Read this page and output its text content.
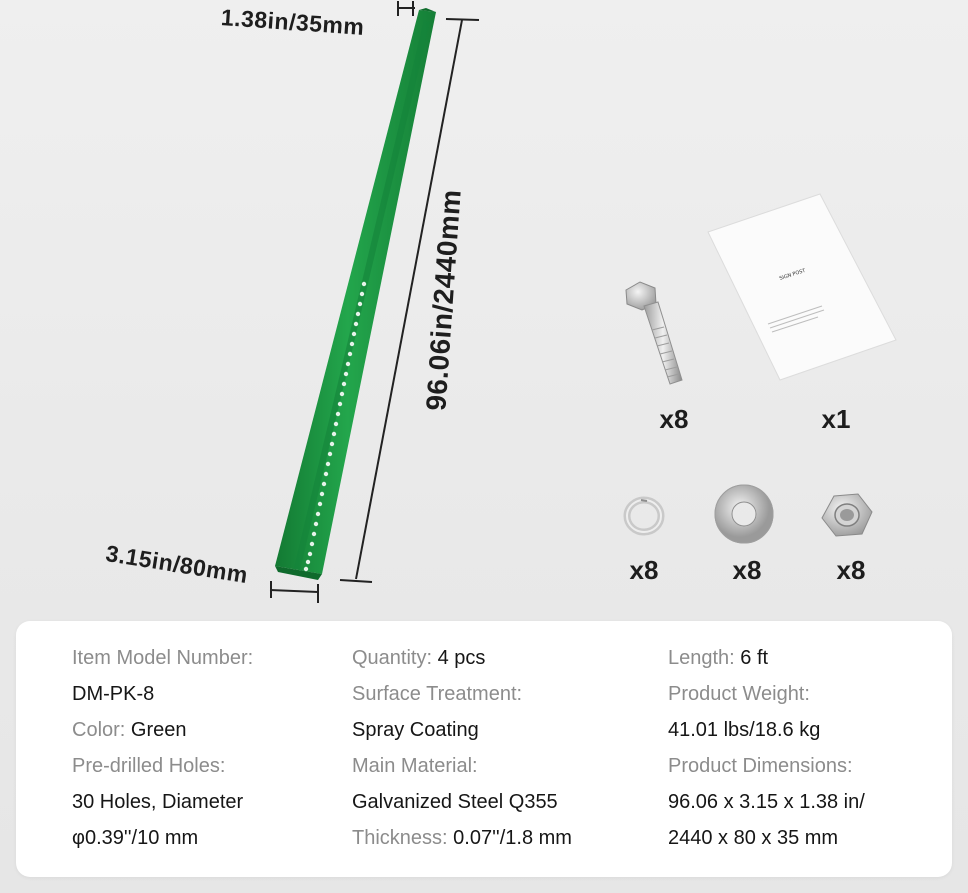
SIGN POST
1.38in/35mm
3.15in/80mm
96.06in/2440mm
x8	x1
x8	x8	x8
Item Model Number:
DM-PK-8
Color: Green
Pre-drilled Holes:
30 Holes, Diameter
φ0.39''/10 mm
Quantity: 4 pcs
Surface Treatment:
Spray Coating
Main Material:
Galvanized Steel Q355
Thickness: 0.07''/1.8 mm
Length: 6 ft
Product Weight:
41.01 lbs/18.6 kg
Product Dimensions:
96.06 x 3.15 x 1.38 in/
2440 x 80 x 35 mm
